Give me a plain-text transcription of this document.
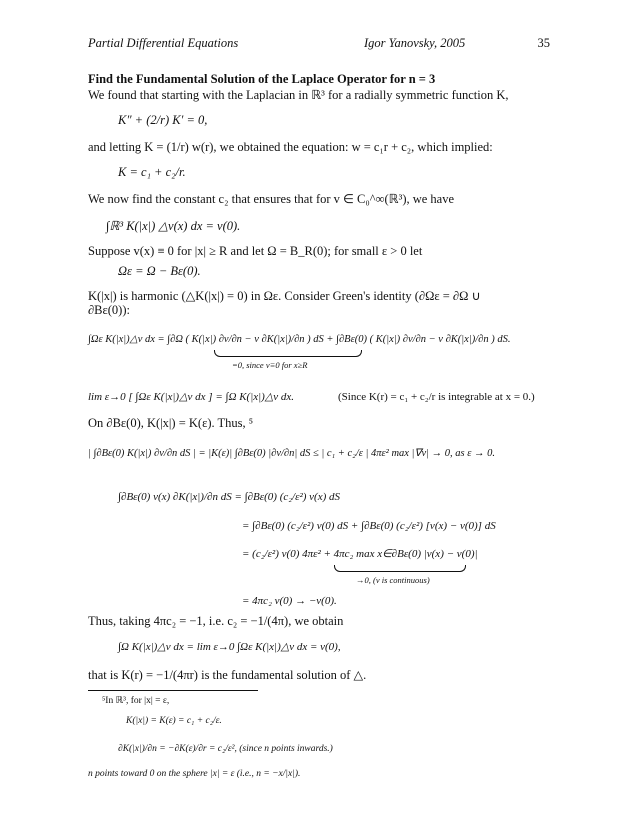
Partial Differential Equations	Igor Yanovsky, 2005	35
Find the Fundamental Solution of the Laplace Operator for n = 3
We found that starting with the Laplacian in ℝ³ for a radially symmetric function K,
K″ + (2/r) K′ = 0,
and letting K = (1/r) w(r), we obtained the equation: w = c₁r + c₂, which implied:
K = c₁ + c₂/r.
We now find the constant c₂ that ensures that for v ∈ C₀^∞(ℝ³), we have
∫ℝ³ K(|x|) △v(x) dx = v(0).
Suppose v(x) ≡ 0 for |x| ≥ R and let Ω = B_R(0); for small ε > 0 let
Ωε = Ω − Bε(0).
K(|x|) is harmonic (△K(|x|) = 0) in Ωε. Consider Green's identity (∂Ωε = ∂Ω ∪
∂Bε(0)):
∫Ωε K(|x|)△v dx = ∫∂Ω ( K(|x|) ∂v/∂n − v ∂K(|x|)/∂n ) dS + ∫∂Bε(0) ( K(|x|) ∂v/∂n − v ∂K(|x|)/∂n ) dS.
=0, since v≡0 for x≥R
lim ε→0 [ ∫Ωε K(|x|)△v dx ] = ∫Ω K(|x|)△v dx.	(Since K(r) = c₁ + c₂/r is integrable at x = 0.)
On ∂Bε(0), K(|x|) = K(ε). Thus, ⁵
| ∫∂Bε(0) K(|x|) ∂v/∂n dS | = |K(ε)| ∫∂Bε(0) |∂v/∂n| dS ≤ | c₁ + c₂/ε | 4πε² max |∇v| → 0, as ε → 0.
∫∂Bε(0) v(x) ∂K(|x|)/∂n dS = ∫∂Bε(0) (c₂/ε²) v(x) dS
= ∫∂Bε(0) (c₂/ε²) v(0) dS + ∫∂Bε(0) (c₂/ε²) [v(x) − v(0)] dS
= (c₂/ε²) v(0) 4πε² + 4πc₂ max x∈∂Bε(0) |v(x) − v(0)|
→0, (v is continuous)
= 4πc₂ v(0) → −v(0).
Thus, taking 4πc₂ = −1, i.e. c₂ = −1/(4π), we obtain
∫Ω K(|x|)△v dx = lim ε→0 ∫Ωε K(|x|)△v dx = v(0),
that is K(r) = −1/(4πr) is the fundamental solution of △.
⁵In ℝ³, for |x| = ε,
K(|x|) = K(ε) = c₁ + c₂/ε.
∂K(|x|)/∂n = −∂K(ε)/∂r = c₂/ε², (since n points inwards.)
n points toward 0 on the sphere |x| = ε (i.e., n = −x/|x|).
